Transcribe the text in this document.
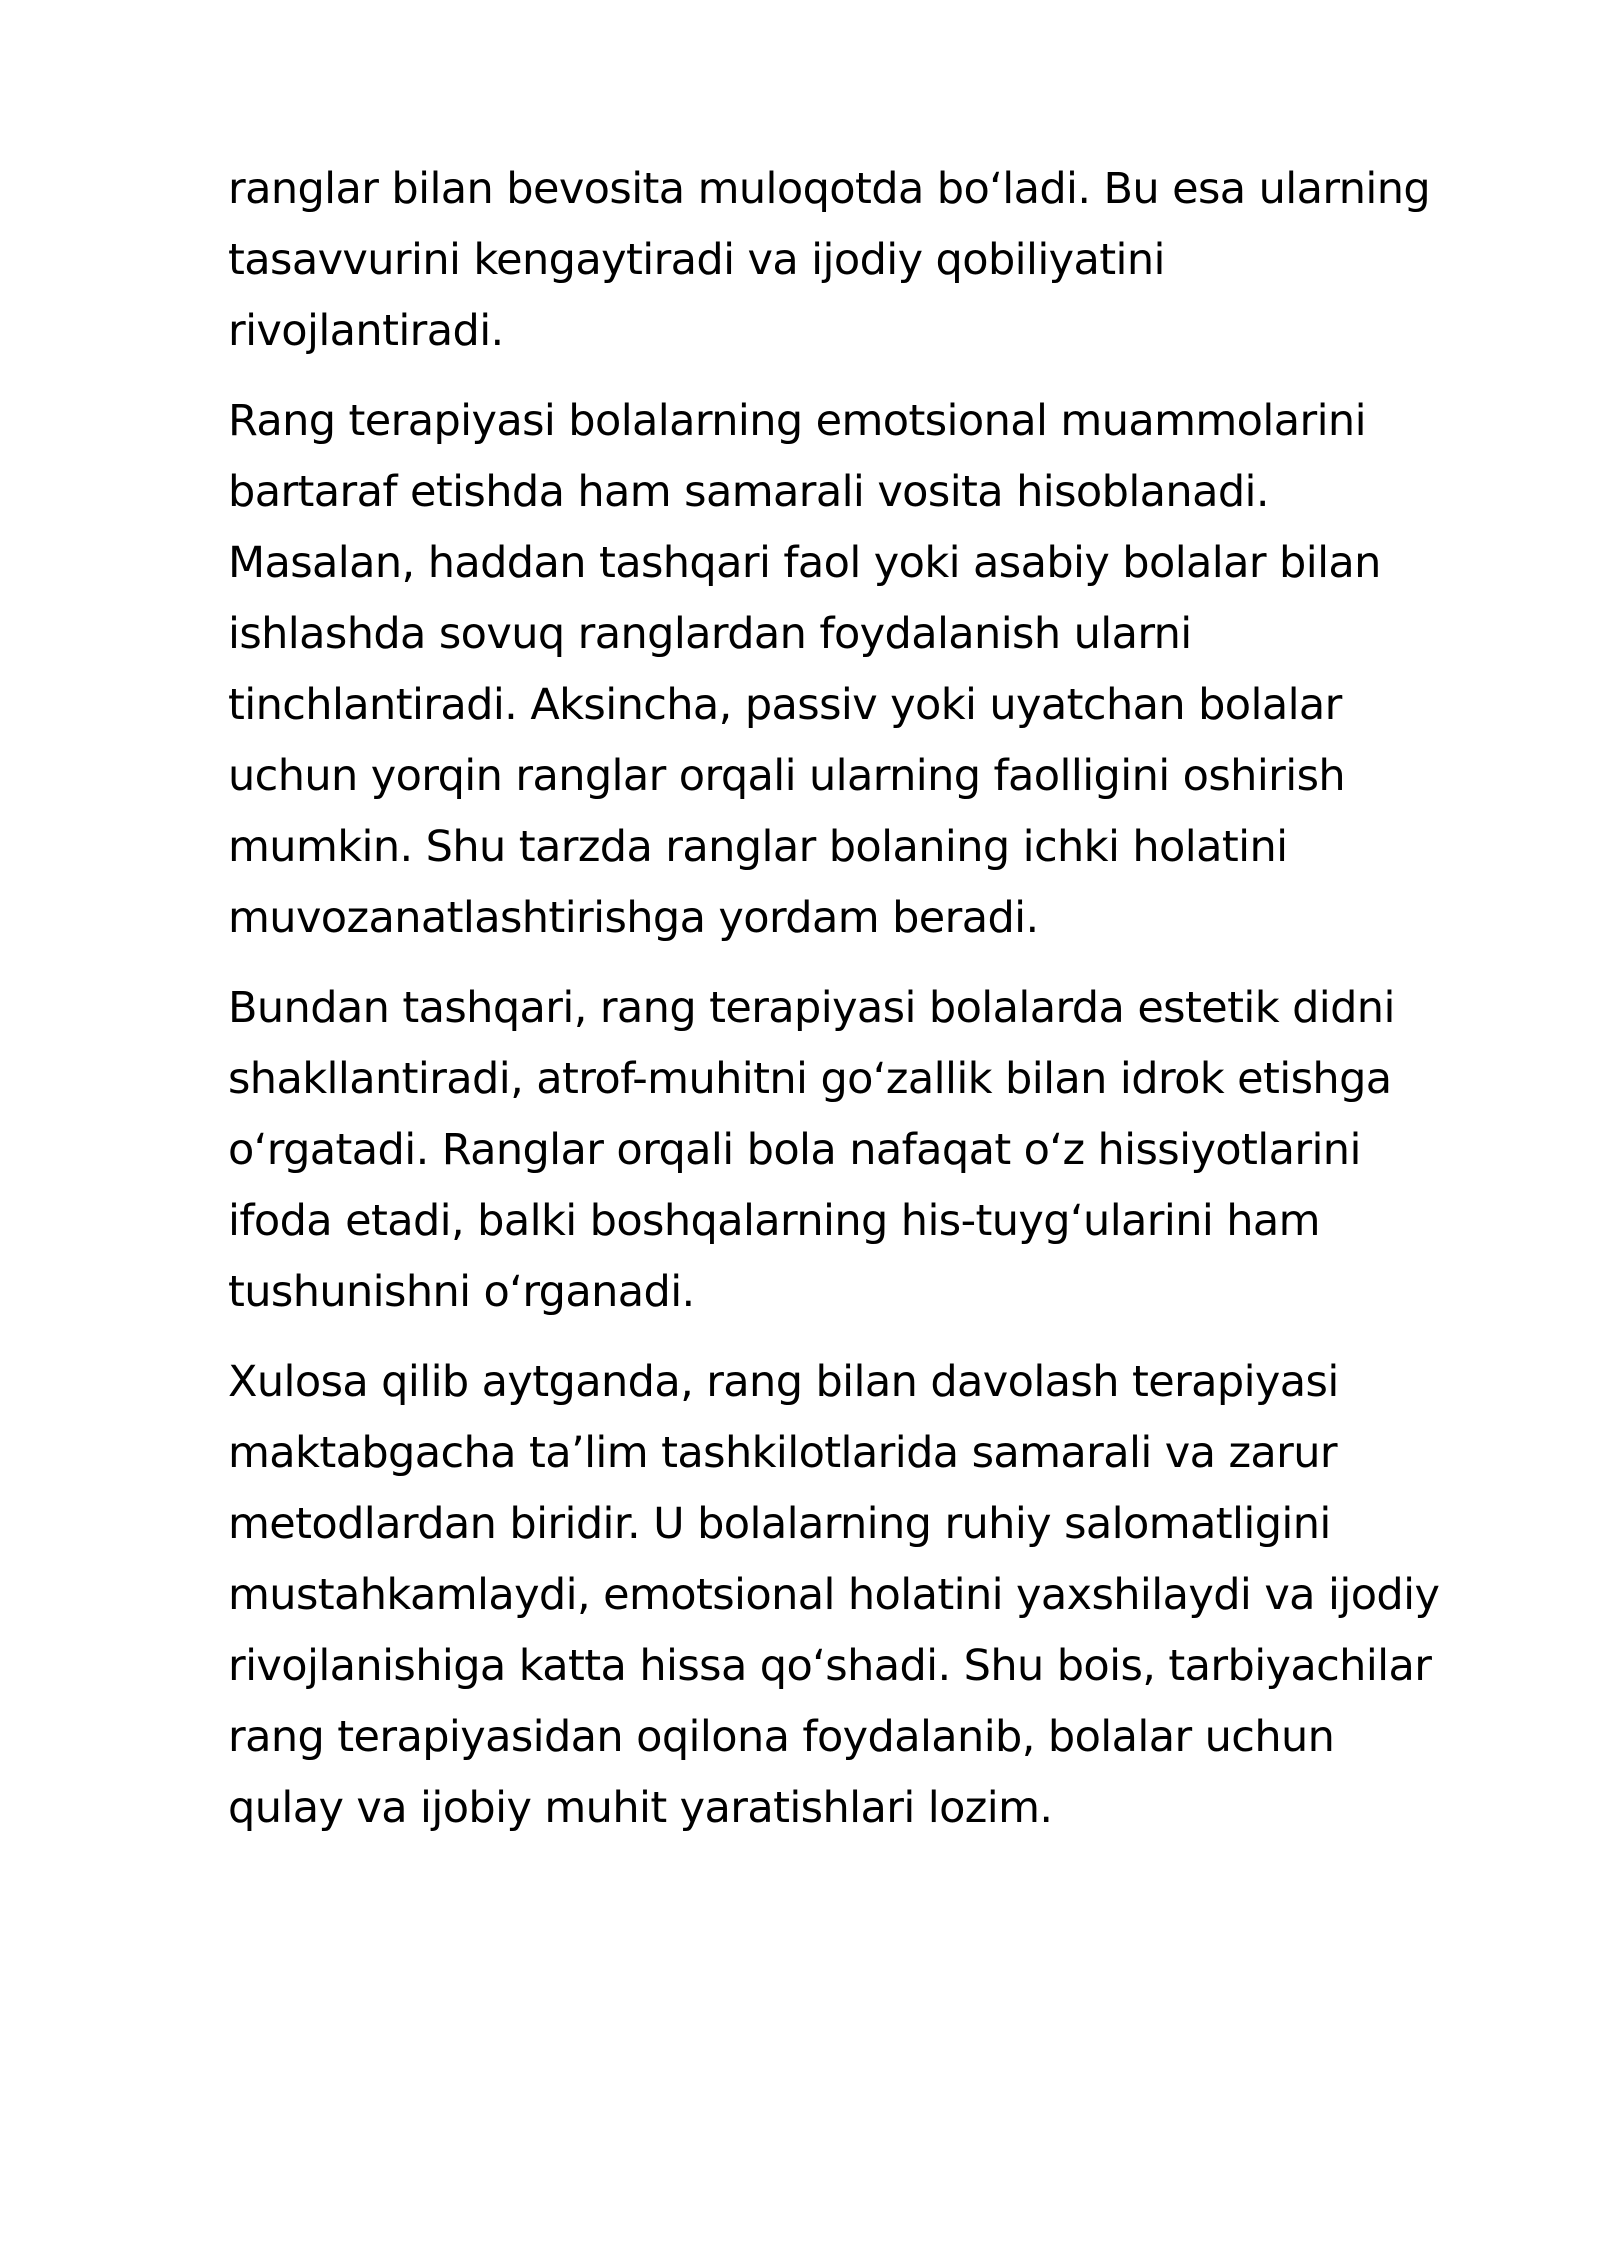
ranglar bilan bevosita muloqotda boʻladi. Bu esa ularning
tasavvurini kengaytiradi va ijodiy qobiliyatini
rivojlantiradi.

Rang terapiyasi bolalarning emotsional muammolarini
bartaraf etishda ham samarali vosita hisoblanadi.
Masalan, haddan tashqari faol yoki asabiy bolalar bilan
ishlashda sovuq ranglardan foydalanish ularni
tinchlantiradi. Aksincha, passiv yoki uyatchan bolalar
uchun yorqin ranglar orqali ularning faolligini oshirish
mumkin. Shu tarzda ranglar bolaning ichki holatini
muvozanatlashtirishga yordam beradi.

Bundan tashqari, rang terapiyasi bolalarda estetik didni
shakllantiradi, atrof-muhitni goʻzallik bilan idrok etishga
oʻrgatadi. Ranglar orqali bola nafaqat oʻz hissiyotlarini
ifoda etadi, balki boshqalarning his-tuygʻularini ham
tushunishni oʻrganadi.

Xulosa qilib aytganda, rang bilan davolash terapiyasi
maktabgacha taʼlim tashkilotlarida samarali va zarur
metodlardan biridir. U bolalarning ruhiy salomatligini
mustahkamlaydi, emotsional holatini yaxshilaydi va ijodiy
rivojlanishiga katta hissa qoʻshadi. Shu bois, tarbiyachilar
rang terapiyasidan oqilona foydalanib, bolalar uchun
qulay va ijobiy muhit yaratishlari lozim.
